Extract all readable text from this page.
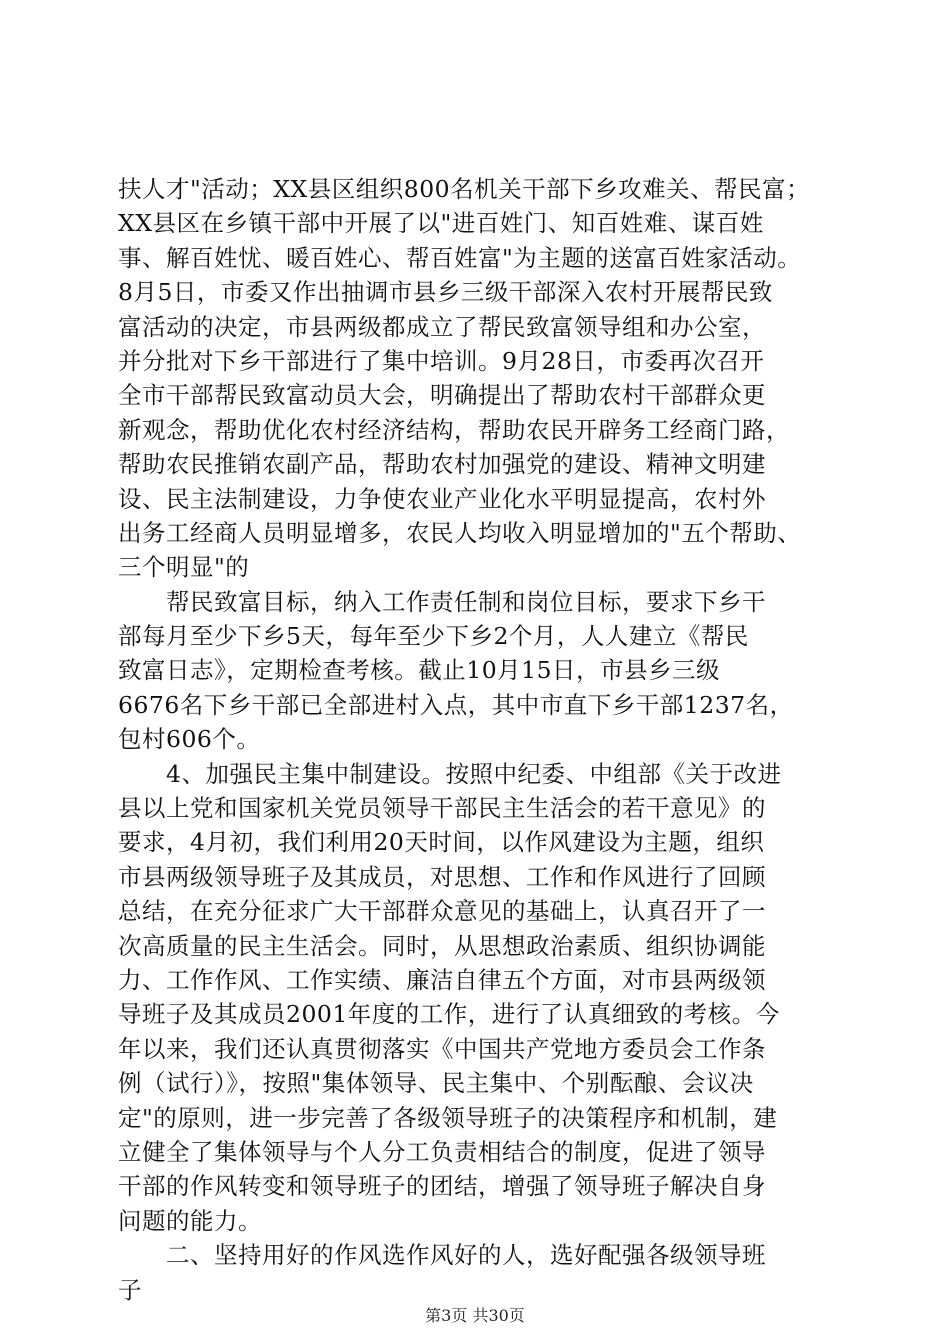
扶人才"活动；XX县区组织800名机关干部下乡攻难关、帮民富；
XX县区在乡镇干部中开展了以"进百姓门、知百姓难、谋百姓
事、解百姓忧、暖百姓心、帮百姓富"为主题的送富百姓家活动。
8月5日，市委又作出抽调市县乡三级干部深入农村开展帮民致
富活动的决定，市县两级都成立了帮民致富领导组和办公室，
并分批对下乡干部进行了集中培训。9月28日，市委再次召开
全市干部帮民致富动员大会，明确提出了帮助农村干部群众更
新观念，帮助优化农村经济结构，帮助农民开辟务工经商门路，
帮助农民推销农副产品，帮助农村加强党的建设、精神文明建
设、民主法制建设，力争使农业产业化水平明显提高，农村外
出务工经商人员明显增多，农民人均收入明显增加的"五个帮助、
三个明显"的
　　帮民致富目标，纳入工作责任制和岗位目标，要求下乡干
部每月至少下乡5天，每年至少下乡2个月，人人建立《帮民
致富日志》，定期检查考核。截止10月15日，市县乡三级
6676名下乡干部已全部进村入点，其中市直下乡干部1237名，
包村606个。
　　4、加强民主集中制建设。按照中纪委、中组部《关于改进
县以上党和国家机关党员领导干部民主生活会的若干意见》的
要求，4月初，我们利用20天时间，以作风建设为主题，组织
市县两级领导班子及其成员，对思想、工作和作风进行了回顾
总结，在充分征求广大干部群众意见的基础上，认真召开了一
次高质量的民主生活会。同时，从思想政治素质、组织协调能
力、工作作风、工作实绩、廉洁自律五个方面，对市县两级领
导班子及其成员2001年度的工作，进行了认真细致的考核。今
年以来，我们还认真贯彻落实《中国共产党地方委员会工作条
例（试行）》，按照"集体领导、民主集中、个别酝酿、会议决
定"的原则，进一步完善了各级领导班子的决策程序和机制，建
立健全了集体领导与个人分工负责相结合的制度，促进了领导
干部的作风转变和领导班子的团结，增强了领导班子解决自身
问题的能力。
　　二、坚持用好的作风选作风好的人，选好配强各级领导班
子
第3页 共30页
